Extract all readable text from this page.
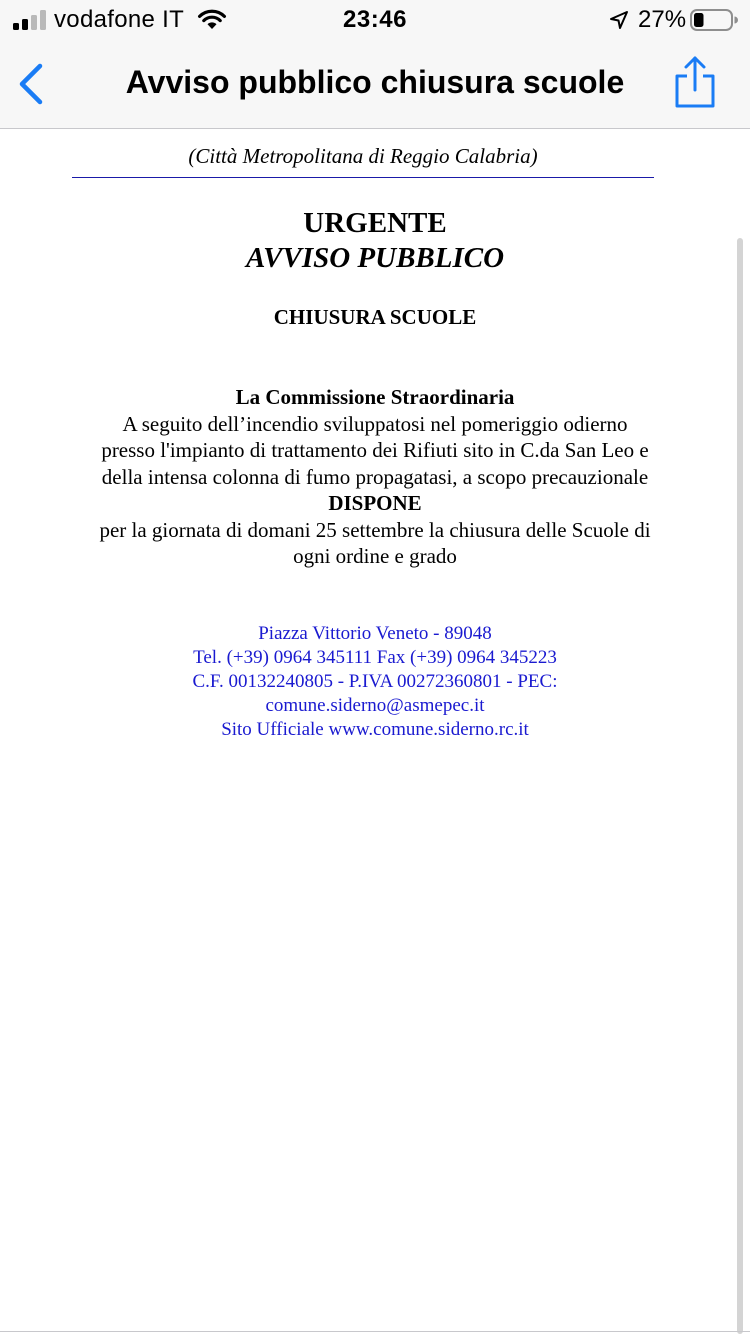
vodafone IT	23:46	27%
Avviso pubblico chiusura scuole
(Città Metropolitana di Reggio Calabria)
URGENTE
AVVISO PUBBLICO
CHIUSURA SCUOLE
La Commissione Straordinaria
A seguito dell’incendio sviluppatosi nel pomeriggio odierno
presso l'impianto di trattamento dei Rifiuti sito in C.da San Leo e
della intensa colonna di fumo propagatasi, a scopo precauzionale
DISPONE
per la giornata di domani 25 settembre la chiusura delle Scuole di
ogni ordine e grado
Piazza Vittorio Veneto - 89048
Tel. (+39) 0964 345111 Fax (+39) 0964 345223
C.F. 00132240805 - P.IVA 00272360801 - PEC:
comune.siderno@asmepec.it
Sito Ufficiale www.comune.siderno.rc.it
